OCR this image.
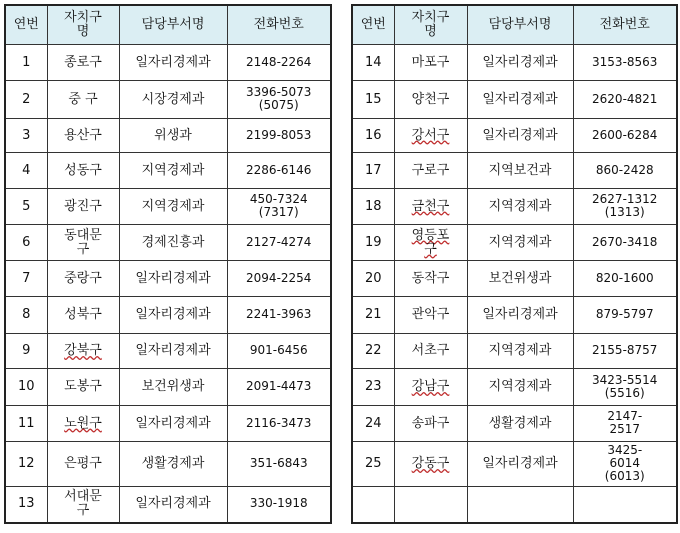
연번	자치구명	담당부서명	전화번호
1	종로구	일자리경제과	2148-2264
2	중 구	시장경제과	3396-5073
(5075)
3	용산구	위생과	2199-8053
4	성동구	지역경제과	2286-6146
5	광진구	지역경제과	450-7324
(7317)
6	동대문구	경제진흥과	2127-4274
7	중랑구	일자리경제과	2094-2254
8	성북구	일자리경제과	2241-3963
9	강북구	일자리경제과	901-6456
10	도봉구	보건위생과	2091-4473
11	노원구	일자리경제과	2116-3473
12	은평구	생활경제과	351-6843
13	서대문구	일자리경제과	330-1918
연번	자치구명	담당부서명	전화번호
14	마포구	일자리경제과	3153-8563
15	양천구	일자리경제과	2620-4821
16	강서구	일자리경제과	2600-6284
17	구로구	지역보건과	860-2428
18	금천구	지역경제과	2627-1312
(1313)
19	영등포구	지역경제과	2670-3418
20	동작구	보건위생과	820-1600
21	관악구	일자리경제과	879-5797
22	서초구	지역경제과	2155-8757
23	강남구	지역경제과	3423-5514
(5516)
24	송파구	생활경제과	2147-
2517
25	강동구	일자리경제과	3425-
6014
(6013)
